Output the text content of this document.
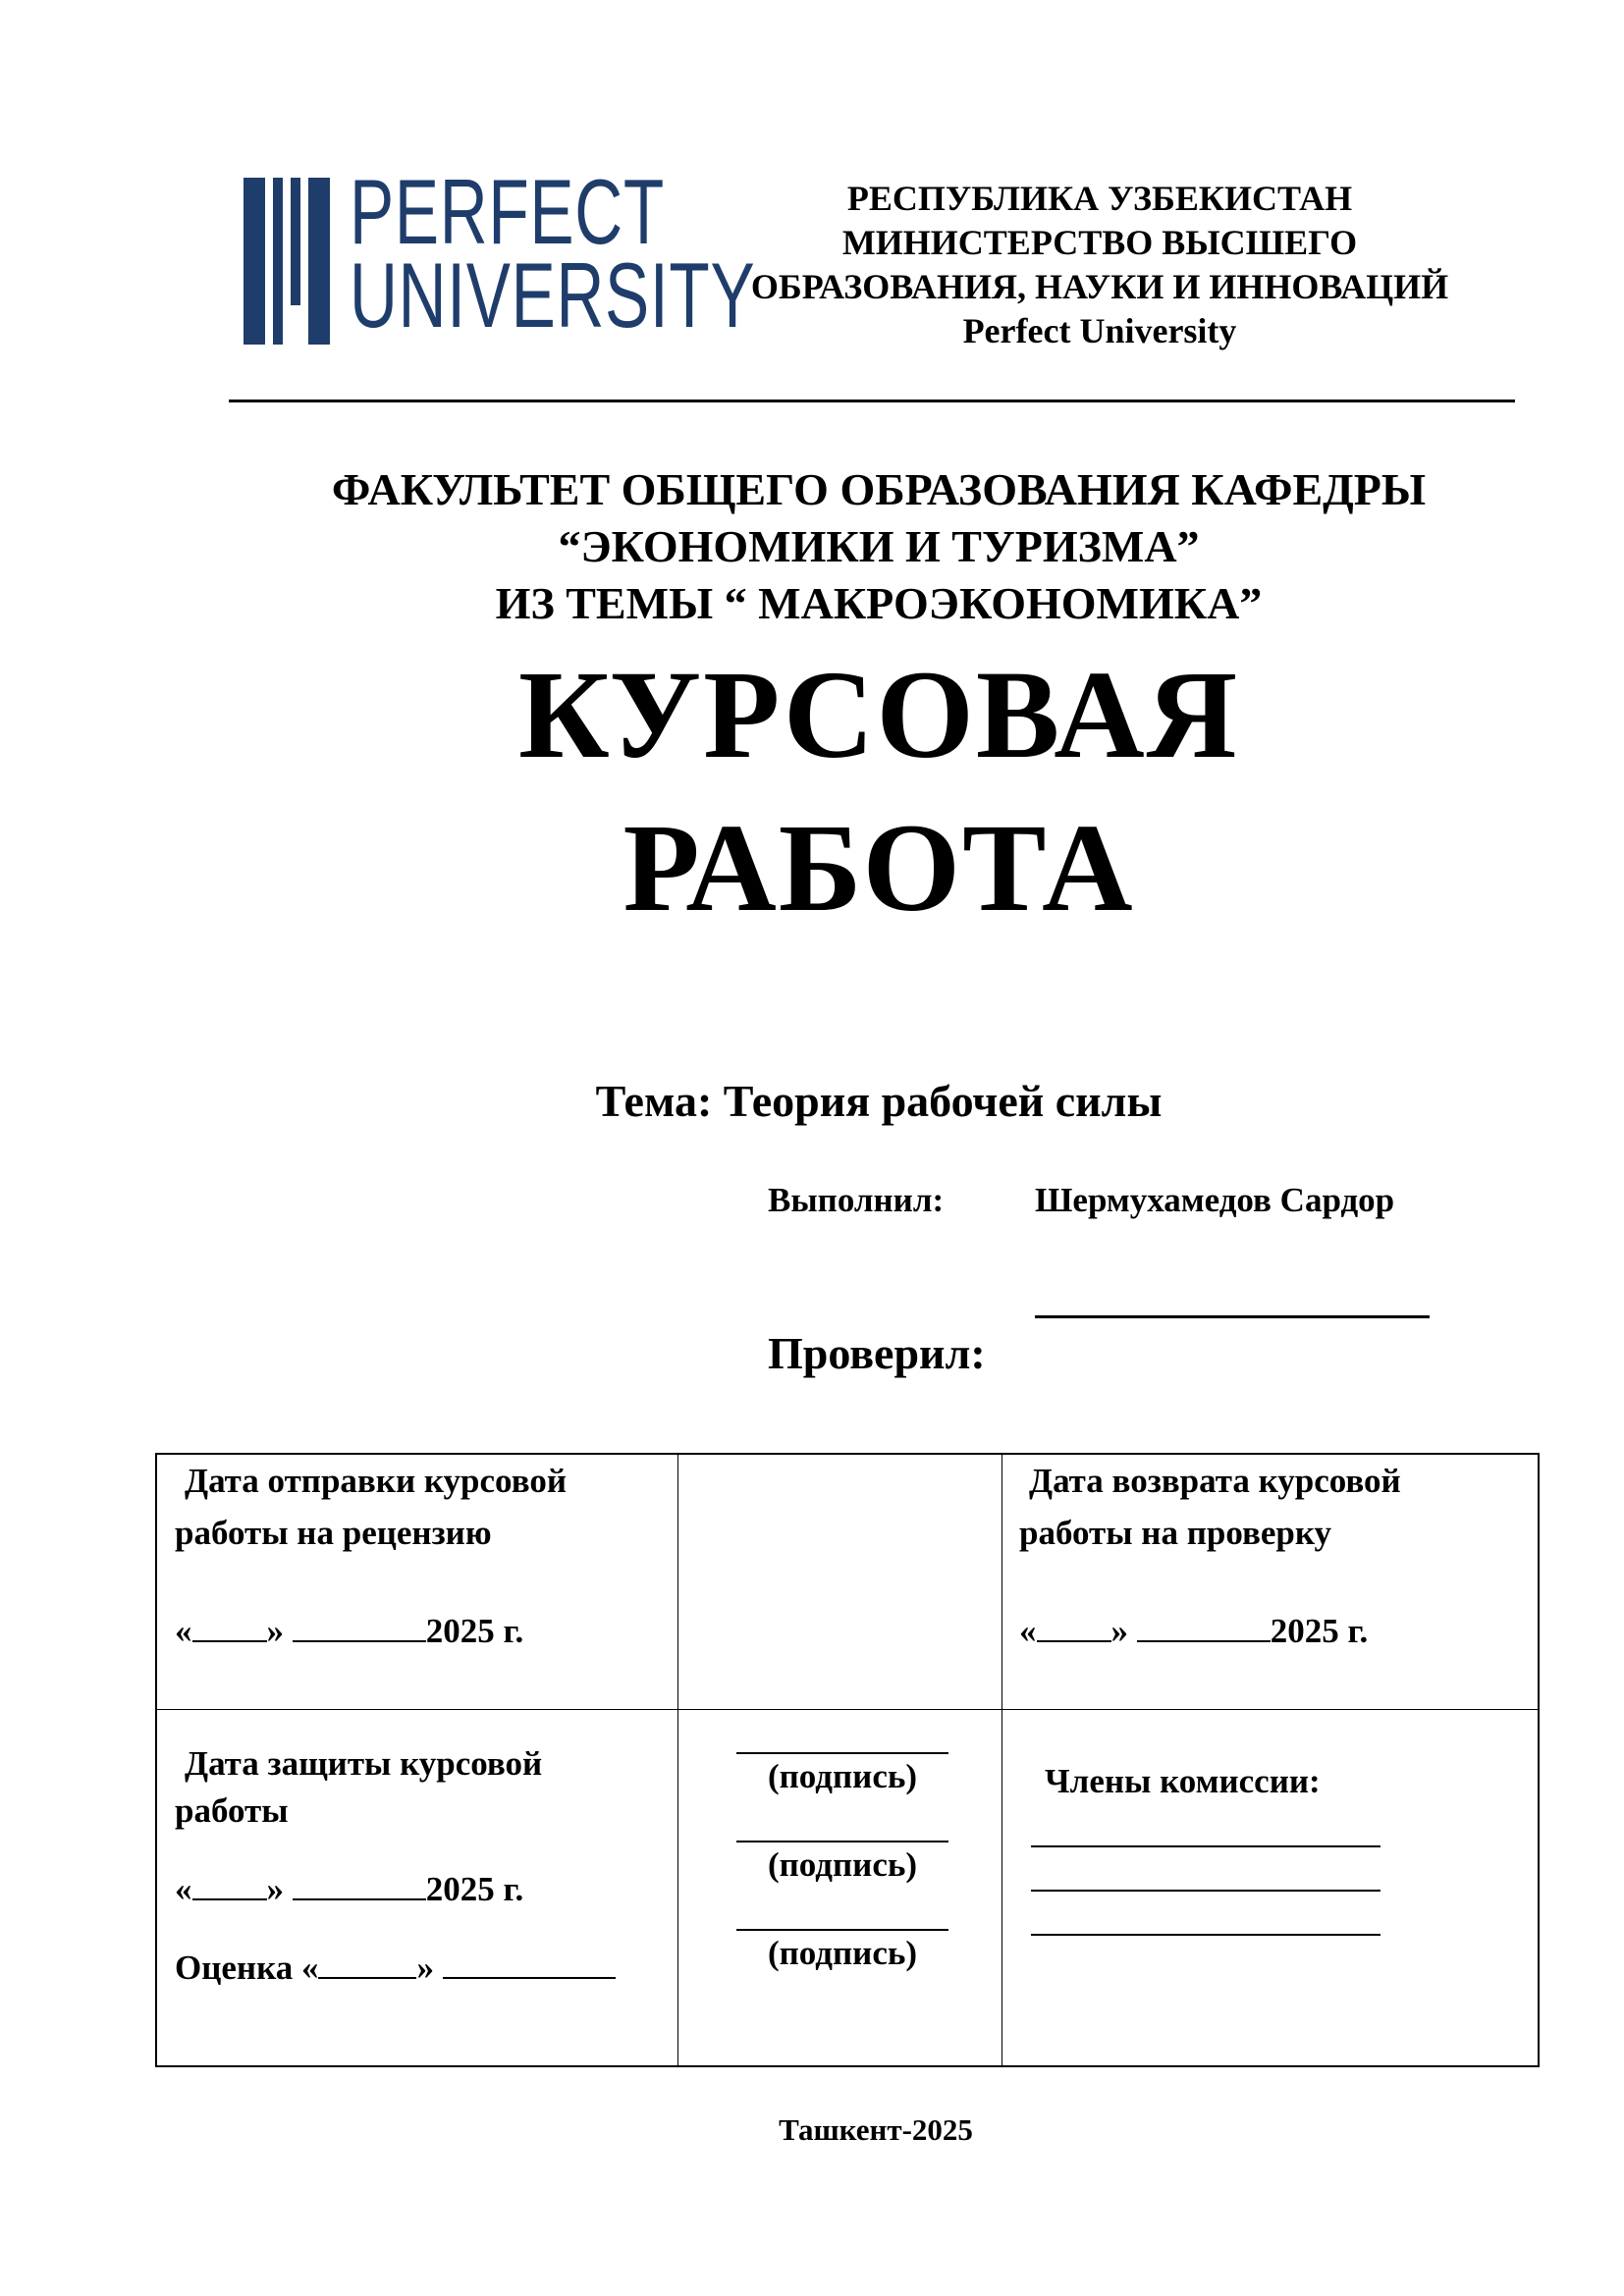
PERFECT
UNIVERSITY
РЕСПУБЛИКА УЗБЕКИСТАН
МИНИСТЕРСТВО ВЫСШЕГО
ОБРАЗОВАНИЯ, НАУКИ И ИННОВАЦИЙ
Perfect University
ФАКУЛЬТЕТ ОБЩЕГО ОБРАЗОВАНИЯ КАФЕДРЫ
“ЭКОНОМИКИ И ТУРИЗМА”
ИЗ ТЕМЫ “ МАКРОЭКОНОМИКА”
КУРСОВАЯ
РАБОТА
Тема: Теория рабочей силы
Выполнил:	Шермухамедов Сардор
Проверил:
Дата отправки курсовой
работы на рецензию
« »	2025 г.
Дата возврата курсовой
работы на проверку
« »	2025 г.
Дата защиты курсовой
работы
« »	2025 г.
Оценка «	»
(подпись)
(подпись)
(подпись)
Члены комиссии:
Ташкент-2025
